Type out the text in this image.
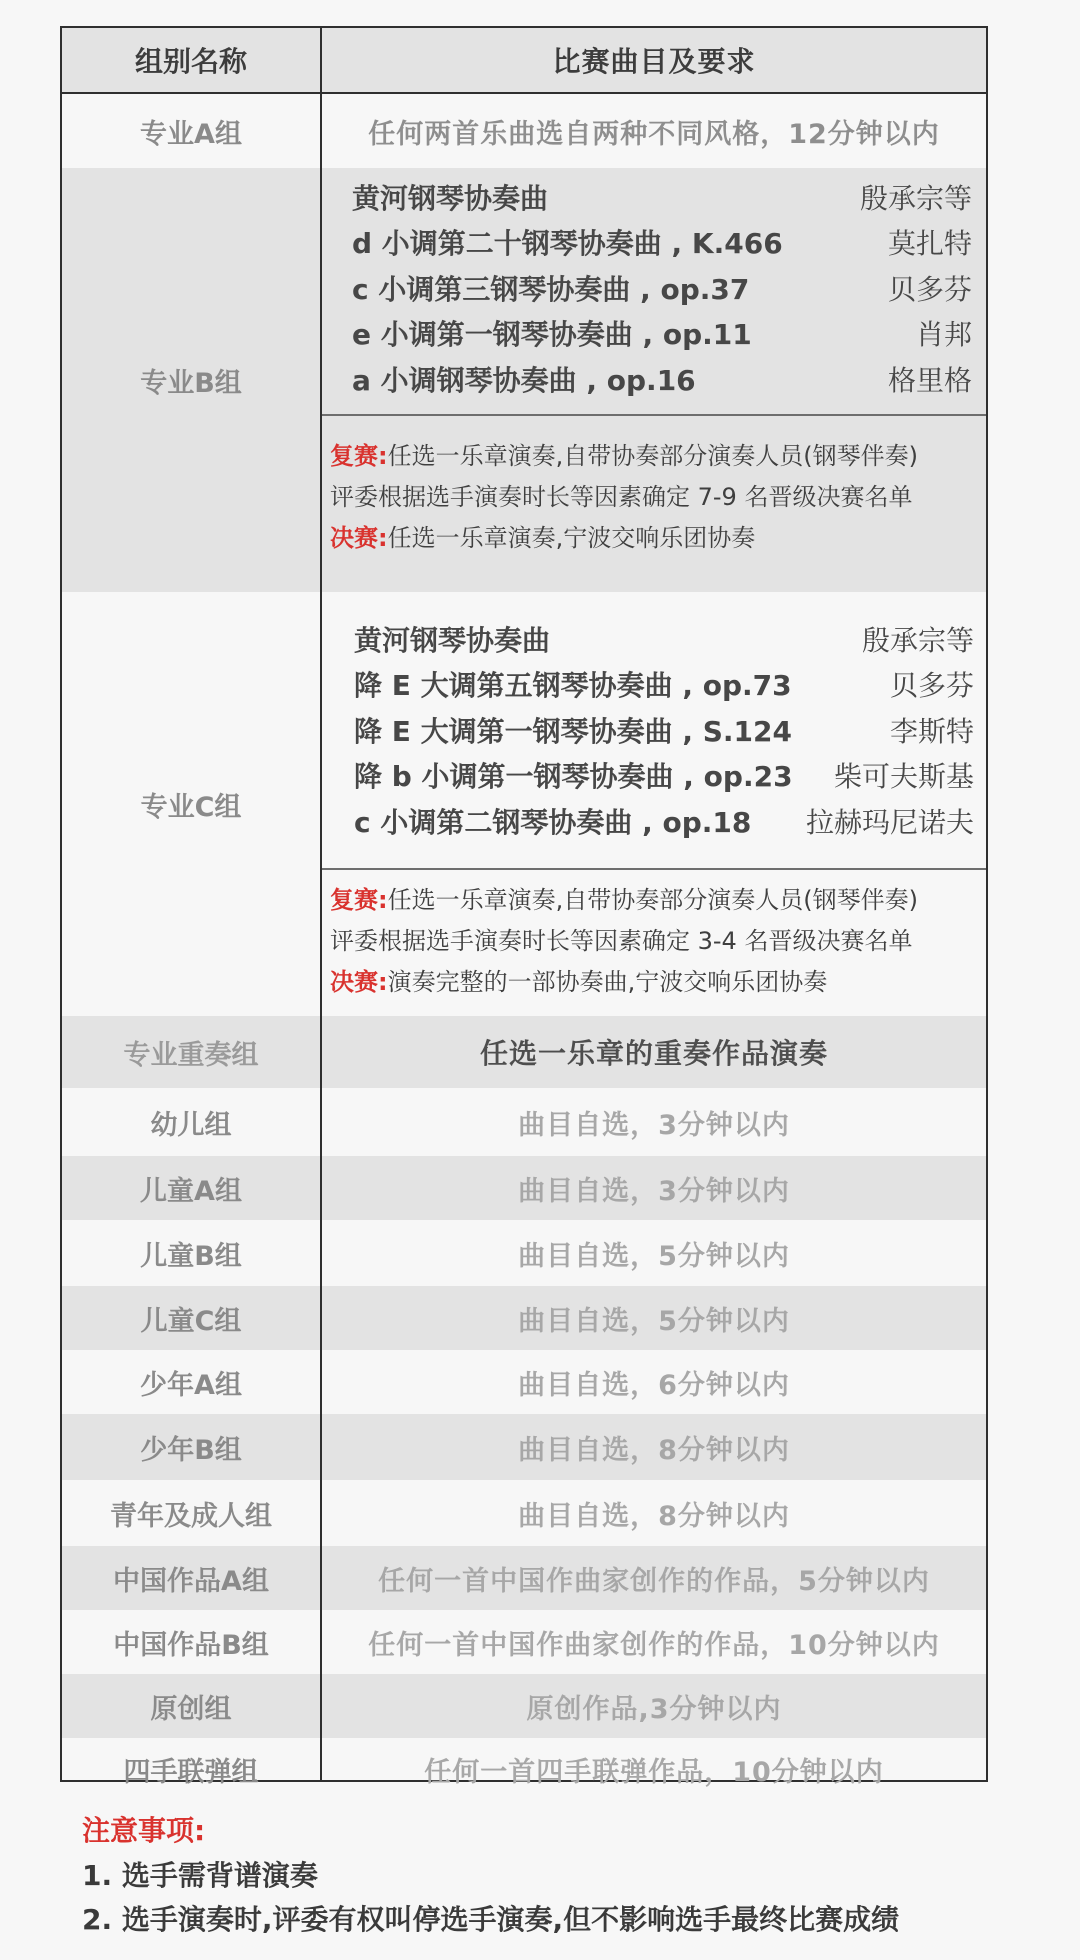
组别名称	比赛曲目及要求
专业A组	任何两首乐曲选自两种不同风格，12分钟以内
专业B组
黄河钢琴协奏曲	殷承宗等
d 小调第二十钢琴协奏曲 , K.466	莫扎特
c 小调第三钢琴协奏曲 , op.37	贝多芬
e 小调第一钢琴协奏曲 , op.11	肖邦
a 小调钢琴协奏曲 , op.16	格里格
复赛:任选一乐章演奏,自带协奏部分演奏人员(钢琴伴奏)
评委根据选手演奏时长等因素确定 7-9 名晋级决赛名单
决赛:任选一乐章演奏,宁波交响乐团协奏
专业C组
黄河钢琴协奏曲	殷承宗等
降 E 大调第五钢琴协奏曲 , op.73	贝多芬
降 E 大调第一钢琴协奏曲 , S.124	李斯特
降 b 小调第一钢琴协奏曲 , op.23 柴可夫斯基
c 小调第二钢琴协奏曲 , op.18 拉赫玛尼诺夫
复赛:任选一乐章演奏,自带协奏部分演奏人员(钢琴伴奏)
评委根据选手演奏时长等因素确定 3-4 名晋级决赛名单
决赛:演奏完整的一部协奏曲,宁波交响乐团协奏
专业重奏组	任选一乐章的重奏作品演奏
幼儿组	曲目自选，3分钟以内
儿童A组	曲目自选，3分钟以内
儿童B组	曲目自选，5分钟以内
儿童C组	曲目自选，5分钟以内
少年A组	曲目自选，6分钟以内
少年B组	曲目自选，8分钟以内
青年及成人组	曲目自选，8分钟以内
中国作品A组	任何一首中国作曲家创作的作品，5分钟以内
中国作品B组	任何一首中国作曲家创作的作品，10分钟以内
原创组	原创作品,3分钟以内
四手联弹组	任何一首四手联弹作品，10分钟以内
注意事项:
1. 选手需背谱演奏
2. 选手演奏时,评委有权叫停选手演奏,但不影响选手最终比赛成绩
